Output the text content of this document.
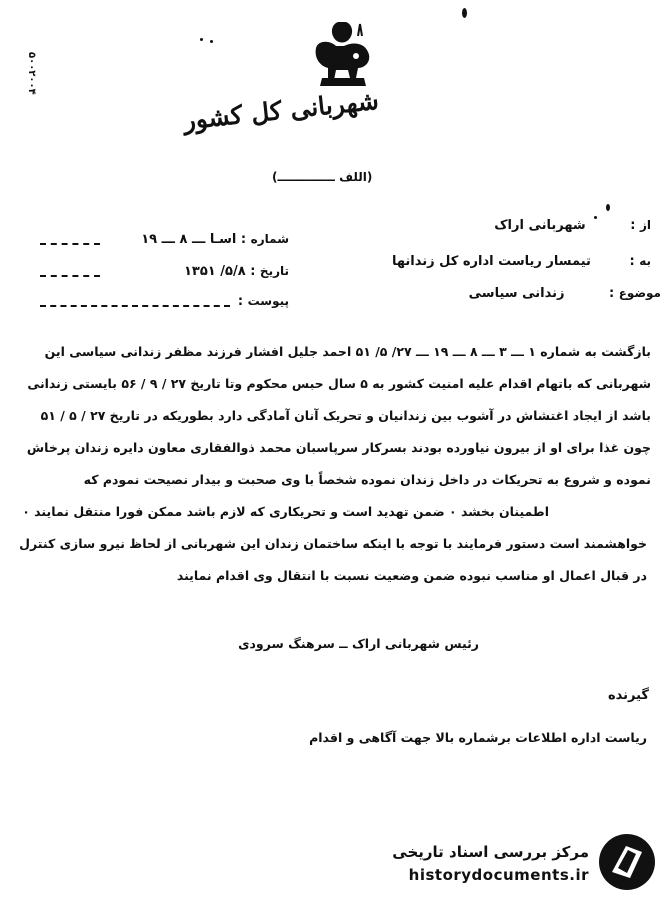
شهربانی کل کشور
(اللف ــــــــــــــ)
۵۰۰۲۰۰۴
شماره : اسـا ـــ ۸ ـــ ۱۹
تاریخ : ۵/۸/ ۱۳۵۱
پیوست :
از : شهربانی اراک
به : تیمسار ریاست اداره کل زندانها
موضوع : زندانی سیاسی
بازگشت به شماره ۱ ـــ ۳ ـــ ۸ ـــ ۱۹ ـــ ۲۷/ ۵/ ۵۱ احمد جلیل افشار فرزند مظفر زندانی سیاسی این
شهربانی که باتهام اقدام علیه امنیت کشور به ۵ سال حبس محکوم وتا تاریخ ۲۷ / ۹ / ۵۶ بایستی زندانی
باشد از ایجاد اغتشاش در آشوب بین زندانیان و تحریک آنان آمادگی دارد بطوریکه در تاریخ ۲۷ / ۵ / ۵۱
چون غذا برای او از بیرون نیاورده بودند بسرکار سرپاسبان محمد ذوالفقاری معاون دایره زندان پرخاش
نموده و شروع به تحریکات در داخل زندان نموده شخصاً با وی صحبت و بیدار نصیحت نمودم که
اطمینان بخشد ۰ ضمن تهدید است و تحریکاری که لازم باشد ممکن فورا منتقل نمایند ۰
خواهشمند است دستور فرمایند با توجه با اینکه ساختمان زندان این شهربانی از لحاظ نیرو سازی کنترل
در قبال اعمال او مناسب نبوده ضمن وضعیت نسبت با انتقال وی اقدام نمایند
رئیس شهربانی اراک ــ سرهنگ سرودی
گیرنده
ریاست اداره اطلاعات برشماره بالا جهت آگاهی و اقدام
مرکز بررسی اسناد تاریخی
historydocuments.ir
